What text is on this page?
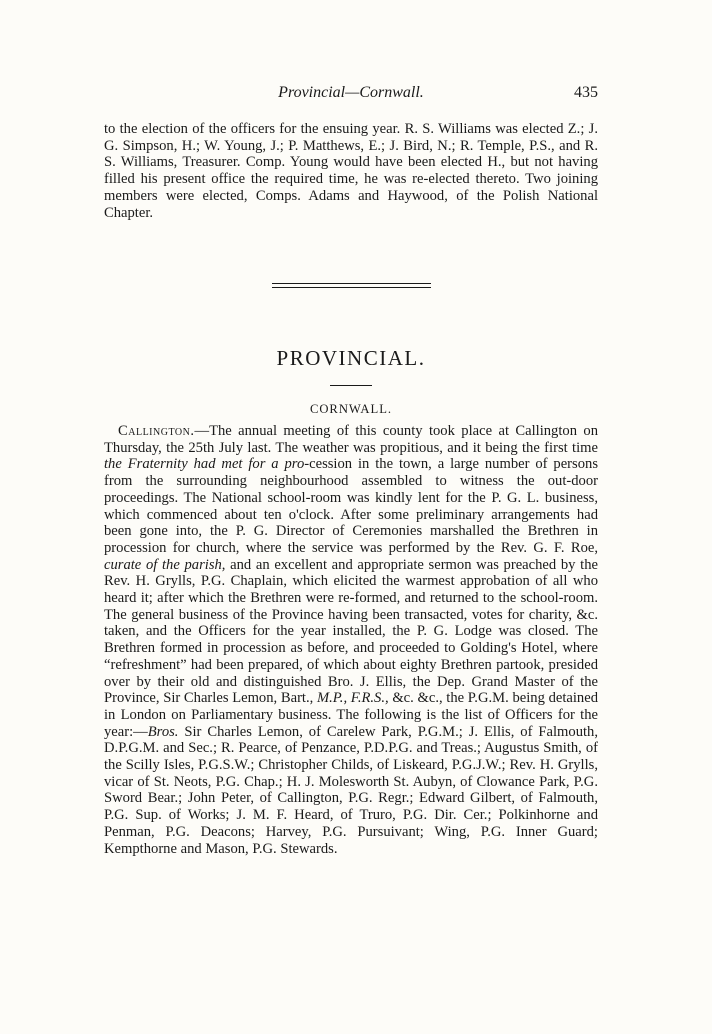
Provincial—Cornwall.	435

to the election of the officers for the ensuing year. R. S. Williams was elected Z.; J. G. Simpson, H.; W. Young, J.; P. Matthews, E.; J. Bird, N.; R. Temple, P.S., and R. S. Williams, Treasurer. Comp. Young would have been elected H., but not having filled his present office the required time, he was re-elected thereto. Two joining members were elected, Comps. Adams and Haywood, of the Polish National Chapter.

PROVINCIAL.
CORNWALL.

Callington.—The annual meeting of this county took place at Callington on Thursday, the 25th July last. The weather was propitious, and it being the first time the Fraternity had met for a pro-cession in the town, a large number of persons from the surrounding neighbourhood assembled to witness the out-door proceedings. The National school-room was kindly lent for the P. G. L. business, which commenced about ten o'clock. After some preliminary arrangements had been gone into, the P. G. Director of Ceremonies marshalled the Brethren in procession for church, where the service was performed by the Rev. G. F. Roe, curate of the parish, and an excellent and appropriate sermon was preached by the Rev. H. Grylls, P.G. Chaplain, which elicited the warmest approbation of all who heard it; after which the Brethren were re-formed, and returned to the school-room. The general business of the Province having been transacted, votes for charity, &c. taken, and the Officers for the year installed, the P. G. Lodge was closed. The Brethren formed in procession as before, and proceeded to Golding's Hotel, where “refreshment” had been prepared, of which about eighty Brethren partook, presided over by their old and distinguished Bro. J. Ellis, the Dep. Grand Master of the Province, Sir Charles Lemon, Bart., M.P., F.R.S., &c. &c., the P.G.M. being detained in London on Parliamentary business. The following is the list of Officers for the year:—Bros. Sir Charles Lemon, of Carelew Park, P.G.M.; J. Ellis, of Falmouth, D.P.G.M. and Sec.; R. Pearce, of Penzance, P.D.P.G. and Treas.; Augustus Smith, of the Scilly Isles, P.G.S.W.; Christopher Childs, of Liskeard, P.G.J.W.; Rev. H. Grylls, vicar of St. Neots, P.G. Chap.; H. J. Molesworth St. Aubyn, of Clowance Park, P.G. Sword Bear.; John Peter, of Callington, P.G. Regr.; Edward Gilbert, of Falmouth, P.G. Sup. of Works; J. M. F. Heard, of Truro, P.G. Dir. Cer.; Polkinhorne and Penman, P.G. Deacons; Harvey, P.G. Pursuivant; Wing, P.G. Inner Guard; Kempthorne and Mason, P.G. Stewards.
